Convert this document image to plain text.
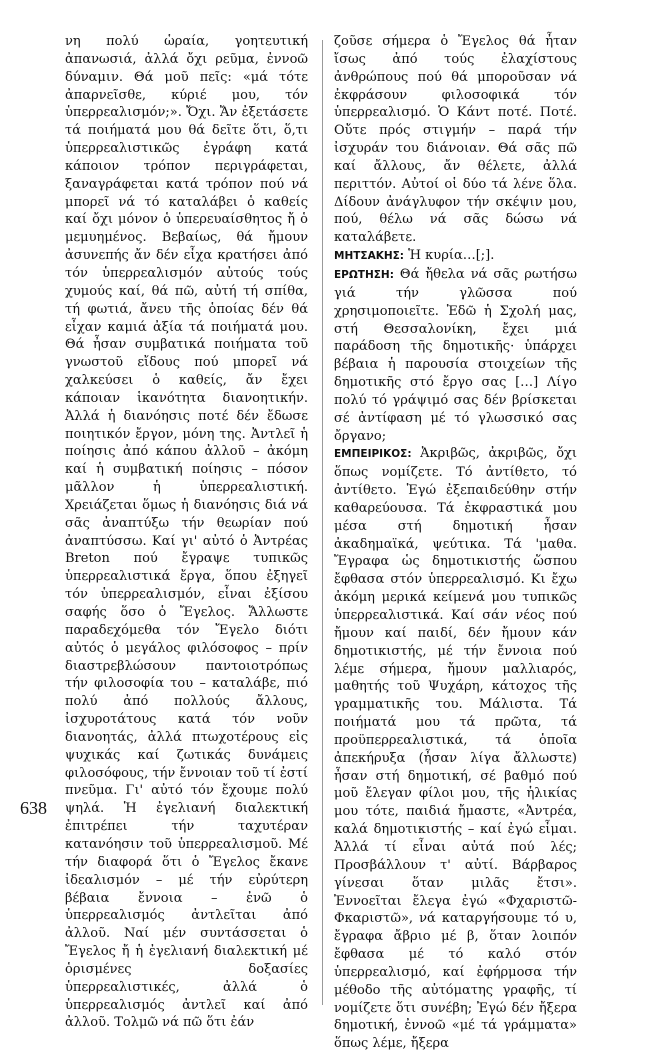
638

νη πολύ ὡραία, γοητευτική ἀπανωσιά, ἀλλά ὄχι ρεῦμα, ἐννοῶ δύναμιν. Θά μοῦ πεῖς: «μά τότε ἀπαρνεῖσθε, κύριέ μου, τόν ὑπερρεαλισμόν;». Ὄχι. Ἄν ἐξετάσετε τά ποιήματά μου θά δεῖτε ὅτι, ὅ,τι ὑπερρεαλιστικῶς ἐγράφη κατά κάποιον τρόπον περιγράφεται, ξαναγράφεται κατά τρόπον πού νά μπορεῖ νά τό καταλάβει ὁ καθείς καί ὄχι μόνον ὁ ὑπερευαίσθητος ἤ ὁ μεμυημένος. Βεβαίως, θά ἤμουν ἀσυνεπής ἄν δέν εἶχα κρατήσει ἀπό τόν ὑπερρεαλισμόν αὐτούς τούς χυμούς καί, θά πῶ, αὐτή τή σπίθα, τή φωτιά, ἄνευ τῆς ὁποίας δέν θά εἶχαν καμιά ἀξία τά ποιήματά μου. Θά ἦσαν συμβατικά ποιήματα τοῦ γνωστοῦ εἴδους πού μπορεῖ νά χαλκεύσει ὁ καθείς, ἄν ἔχει κάποιαν ἱκανότητα διανοητικήν. Ἀλλά ἡ διανόησις ποτέ δέν ἔδωσε ποιητικόν ἔργον, μόνη της. Ἀντλεῖ ἡ ποίησις ἀπό κάπου ἀλλοῦ – ἀκόμη καί ἡ συμβατική ποίησις – πόσον μᾶλλον ἡ ὑπερρεαλιστική. Χρειάζεται ὅμως ἡ διανόησις διά νά σᾶς ἀναπτύξω τήν θεωρίαν πού ἀναπτύσσω. Καί γι' αὐτό ὁ Ἀντρέας Breton πού ἔγραψε τυπικῶς ὑπερρεαλιστικά ἔργα, ὅπου ἐξηγεῖ τόν ὑπερρεαλισμόν, εἶναι ἐξίσου σαφής ὅσο ὁ Ἔγελος. Ἄλλωστε παραδεχόμεθα τόν Ἔγελο διότι αὐτός ὁ μεγάλος φιλόσοφος – πρίν διαστρεβλώσουν παντοιοτρόπως τήν φιλοσοφία του – καταλάβε, πιό πολύ ἀπό πολλούς ἄλλους, ἰσχυροτάτους κατά τόν νοῦν διανοητάς, ἀλλά πτωχοτέρους εἰς ψυχικάς καί ζωτικάς δυνάμεις φιλοσόφους, τήν ἔννοιαν τοῦ τί ἐστί πνεῦμα. Γι' αὐτό τόν ἔχουμε πολύ ψηλά. Ἡ ἐγελιανή διαλεκτική ἐπιτρέπει τήν ταχυτέραν κατανόησιν τοῦ ὑπερρεαλισμοῦ. Μέ τήν διαφορά ὅτι ὁ Ἔγελος ἔκανε ἰδεαλισμόν – μέ τήν εὐρύτερη βέβαια ἔννοια – ἐνῶ ὁ ὑπερρεαλισμός ἀντλεῖται ἀπό ἀλλοῦ. Ναί μέν συντάσσεται ὁ Ἔγελος ἤ ἡ ἐγελιανή διαλεκτική μέ ὁρισμένες δοξασίες ὑπερρεαλιστικές, ἀλλά ὁ ὑπερρεαλισμός ἀντλεῖ καί ἀπό ἀλλοῦ. Τολμῶ νά πῶ ὅτι ἐάν

ζοῦσε σήμερα ὁ Ἔγελος θά ἦταν ἴσως ἀπό τούς ἐλαχίστους ἀνθρώπους πού θά μποροῦσαν νά ἐκφράσουν φιλοσοφικά τόν ὑπερρεαλισμό. Ὁ Κάντ ποτέ. Ποτέ. Οὔτε πρός στιγμήν – παρά τήν ἰσχυράν του διάνοιαν. Θά σᾶς πῶ καί ἄλλους, ἄν θέλετε, ἀλλά περιττόν. Αὐτοί οἱ δύο τά λένε ὅλα. Δίδουν ἀνάγλυφον τήν σκέψιν μου, πού, θέλω νά σᾶς δώσω νά καταλάβετε.

ΜΗΤΣΑΚΗΣ: Ἡ κυρία…[;].

ΕΡΩΤΗΣΗ: Θά ἤθελα νά σᾶς ρωτήσω γιά τήν γλῶσσα πού χρησιμοποιεῖτε. Ἐδῶ ἡ Σχολή μας, στή Θεσσαλονίκη, ἔχει μιά παράδοση τῆς δημοτικῆς· ὑπάρχει βέβαια ἡ παρουσία στοιχείων τῆς δημοτικῆς στό ἔργο σας […] Λίγο πολύ τό γράψιμό σας δέν βρίσκεται σέ ἀντίφαση μέ τό γλωσσικό σας ὄργανο;

ΕΜΠΕΙΡΙΚΟΣ: Ἀκριβῶς, ἀκριβῶς, ὄχι ὅπως νομίζετε. Τό ἀντίθετο, τό ἀντίθετο. Ἐγώ ἐξεπαιδεύθην στήν καθαρεύουσα. Τά ἐκφραστικά μου μέσα στή δημοτική ἦσαν ἀκαδημαϊκά, ψεύτικα. Τά 'μαθα. Ἔγραφα ὡς δημοτικιστής ὥσπου ἔφθασα στόν ὑπερρεαλισμό. Κι ἔχω ἀκόμη μερικά κείμενά μου τυπικῶς ὑπερρεαλιστικά. Καί σάν νέος πού ἤμουν καί παιδί, δέν ἤμουν κάν δημοτικιστής, μέ τήν ἔννοια πού λέμε σήμερα, ἤμουν μαλλιαρός, μαθητής τοῦ Ψυχάρη, κάτοχος τῆς γραμματικῆς του. Μάλιστα. Τά ποιήματά μου τά πρῶτα, τά προϋπερρεαλιστικά, τά ὁποῖα ἀπεκήρυξα (ἦσαν λίγα ἄλλωστε) ἦσαν στή δημοτική, σέ βαθμό πού μοῦ ἔλεγαν φίλοι μου, τῆς ἡλικίας μου τότε, παιδιά ἤμαστε, «Ἀντρέα, καλά δημοτικιστής – καί ἐγώ εἶμαι. Ἀλλά τί εἶναι αὐτά πού λές; Προσβάλλουν τ' αὐτί. Βάρβαρος γίνεσαι ὅταν μιλᾶς ἔτσι». Ἐννοεῖται ἔλεγα ἐγώ «Φχαριστῶ-Φκαριστῶ», νά καταργήσουμε τό υ, ἔγραφα ἄβριο μέ β, ὅταν λοιπόν ἔφθασα μέ τό καλό στόν ὑπερρεαλισμό, καί ἐφήρμοσα τήν μέθοδο τῆς αὐτόματης γραφῆς, τί νομίζετε ὅτι συνέβη; Ἐγώ δέν ἤξερα δημοτική, ἐννοῶ «μέ τά γράμματα» ὅπως λέμε, ἤξερα
